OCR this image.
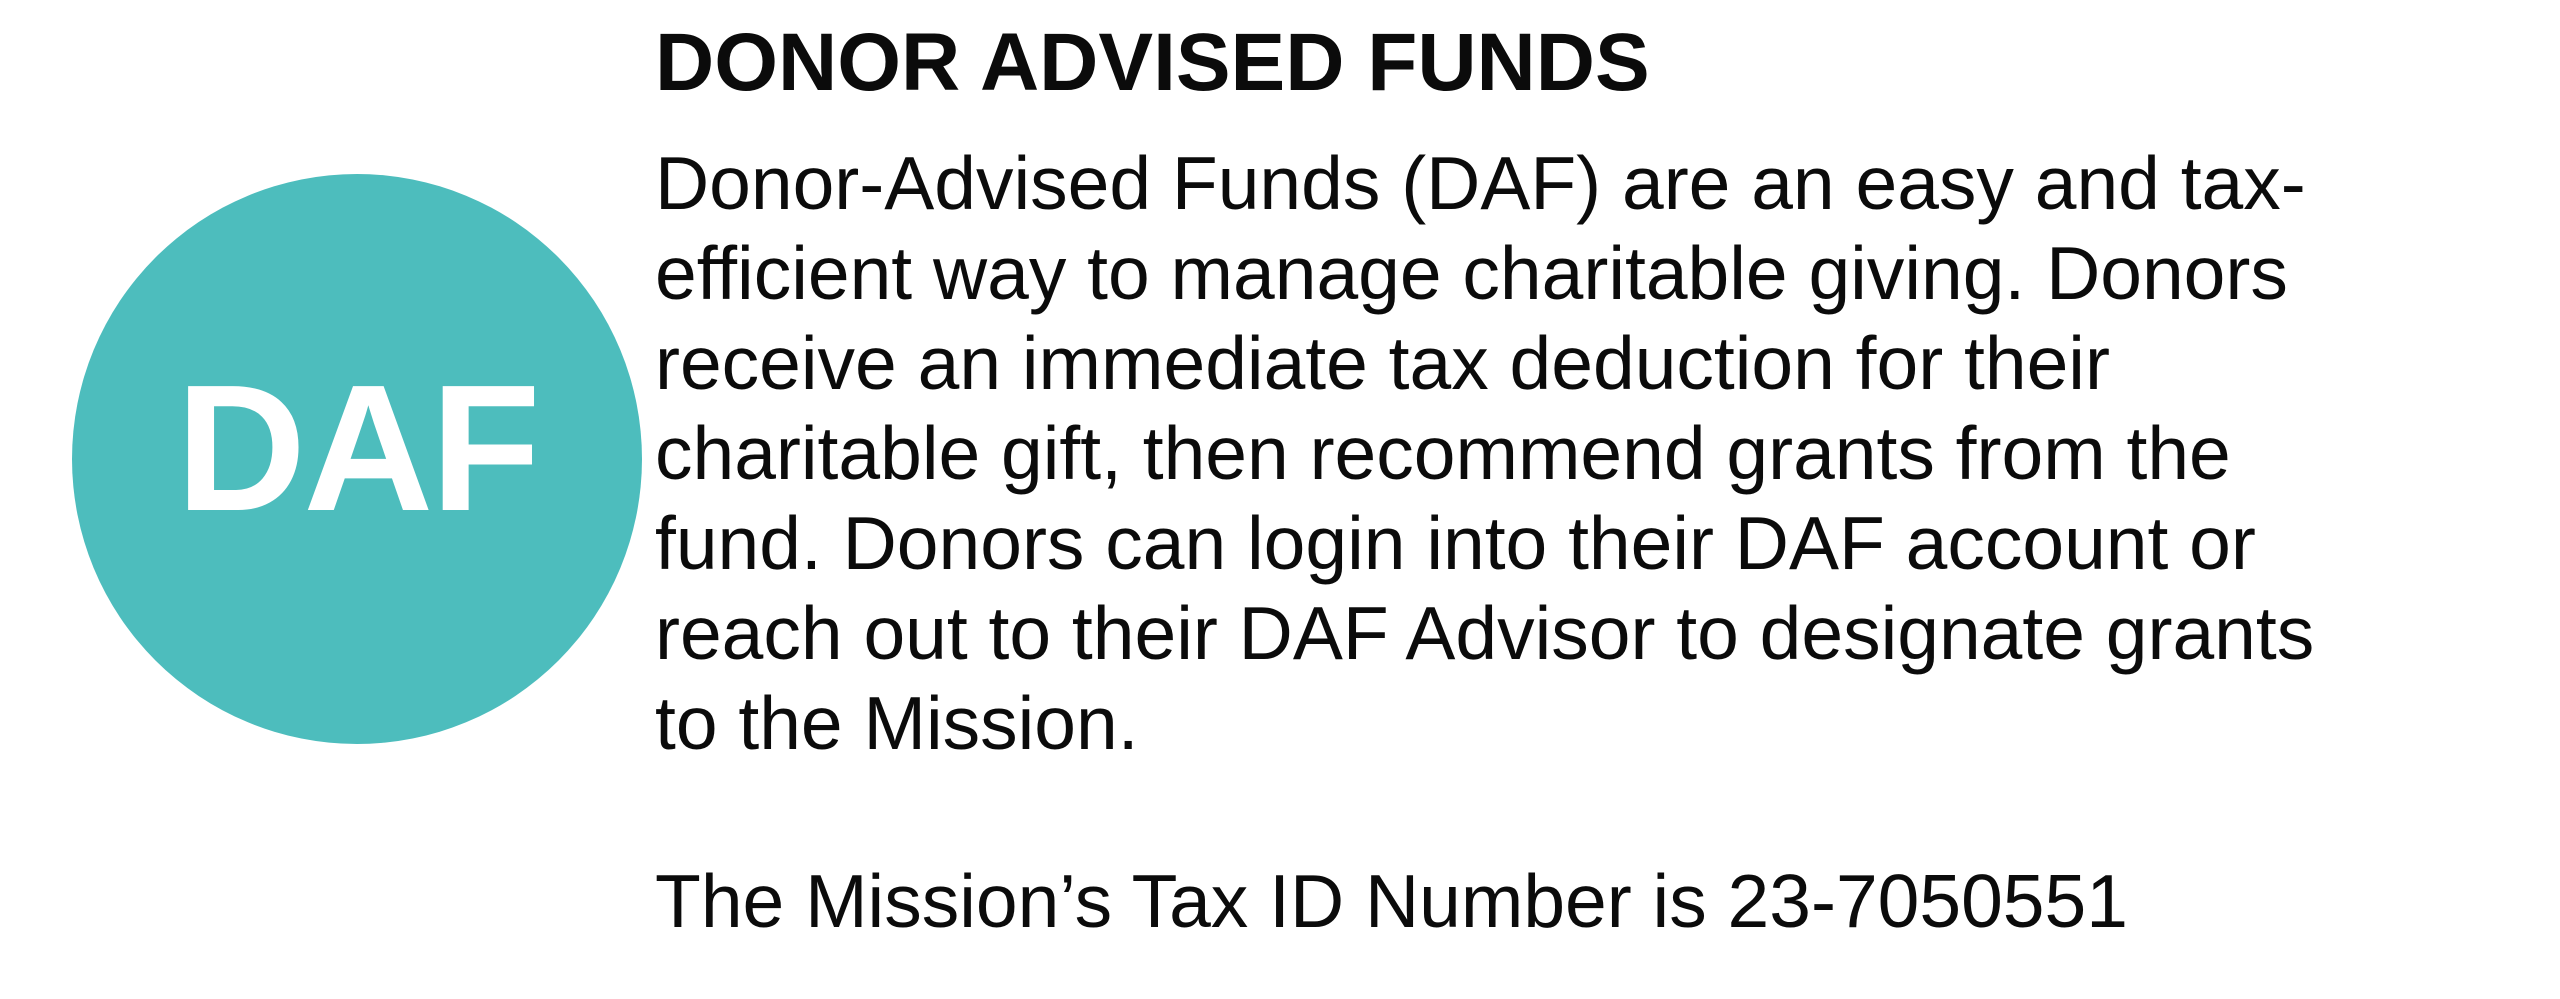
DAF
DONOR ADVISED FUNDS
Donor-Advised Funds (DAF) are an easy and tax-
efficient way to manage charitable giving. Donors
receive an immediate tax deduction for their
charitable gift, then recommend grants from the
fund. Donors can login into their DAF account or
reach out to their DAF Advisor to designate grants
to the Mission.
The Mission’s Tax ID Number is 23-7050551
